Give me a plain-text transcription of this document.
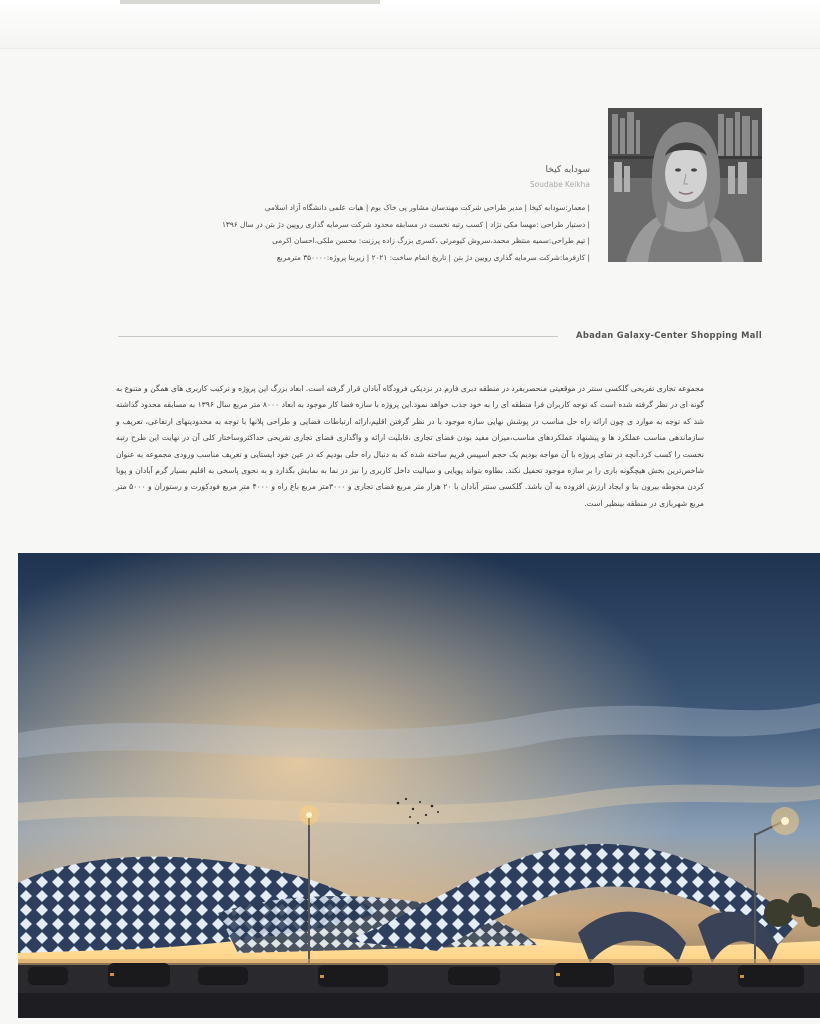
سودابه کیخا
Soudabe Keikha
| معمار:سودابه کیخا | مدیر طراحی شرکت مهندسان مشاور پی خاک بوم | هیات علمی دانشگاه آزاد اسلامی
| دستیار طراحی :مهسا مکی نژاد | کسب رتبه نخست در مسابقه محدود شرکت سرمایه گذاری رویین دژ بتن در سال ۱۳۹۶
| تیم طراحی:سمیه منتظر محمد،سروش کیومرثی ،کسری بزرگ زاده پرزنت: محسن ملکی،احسان اکرمی
| کارفرما:شرکت سرمایه گذاری رویین دژ بتن | تاریخ اتمام ساخت: ۲۰۲۱ | زیربنا پروژه:۳۵۰۰۰۰ مترمربع
Abadan Galaxy-Center Shopping Mall
مجموعه تجاری تفریحی گلکسی سنتر در موقعیتی منحصربفرد در منطقه دبری فارم در نزدیکی فرودگاه آبادان قرار گرفته است. ابعاد بزرگ این پروژه و ترکیب کاربری های همگن و متنوع به گونه ای در نظر گرفته شده است که توجه کاربران فرا منطقه ای را به خود جذب خواهد نمود.این پروژه با سازه فضا کار موجود به ابعاد ۸۰۰۰ متر مربع سال ۱۳۹۶ به مسابقه محدود گذاشته شد که توجه به موارد ی چون ارائه راه حل مناسب در پوشش نهایی سازه موجود با در نظر گرفتن اقلیم،ارائه ارتباطات فضایی و طراحی پلانها با توجه به محدودیتهای ارتفاعی، تعریف و سازماندهی مناسب عملکرد ها و پیشنهاد عملکردهای مناسب،میزان مفید بودن فضای تجاری ،قابلیت ارائه و واگذاری فضای تجاری تفریحی حداکثروساختار کلی آن در نهایت این طرح رتبه نخست را کسب کرد.آنچه در نمای پروژه با آن مواجه بودیم یک حجم اسپیس فریم ساخته شده که به دنبال راه حلی بودیم که در عین خود ایستایی و تعریف مناسب ورودی مجموعه به عنوان شاخص‌ترین بخش هیچگونه باری را بر سازه موجود تحمیل نکند. بطاوه بتواند پویایی و سیالیت داخل کاربری را نیز در نما به نمایش بگذارد و به نحوی پاسخی به اقلیم بسیار گرم آبادان و پویا کردن محوطه بیرون بنا و ایجاد ارزش افزوده به آن باشد. گلکسی سنتر آبادان با ۲۰ هزار متر مربع فضای تجاری و ۳۰۰۰متر مربع باغ راه و ۴۰۰۰ متر مربع فودکورت و رستوران و ۵۰۰۰ متر مربع شهربازی در منطقه بینظیر است.
